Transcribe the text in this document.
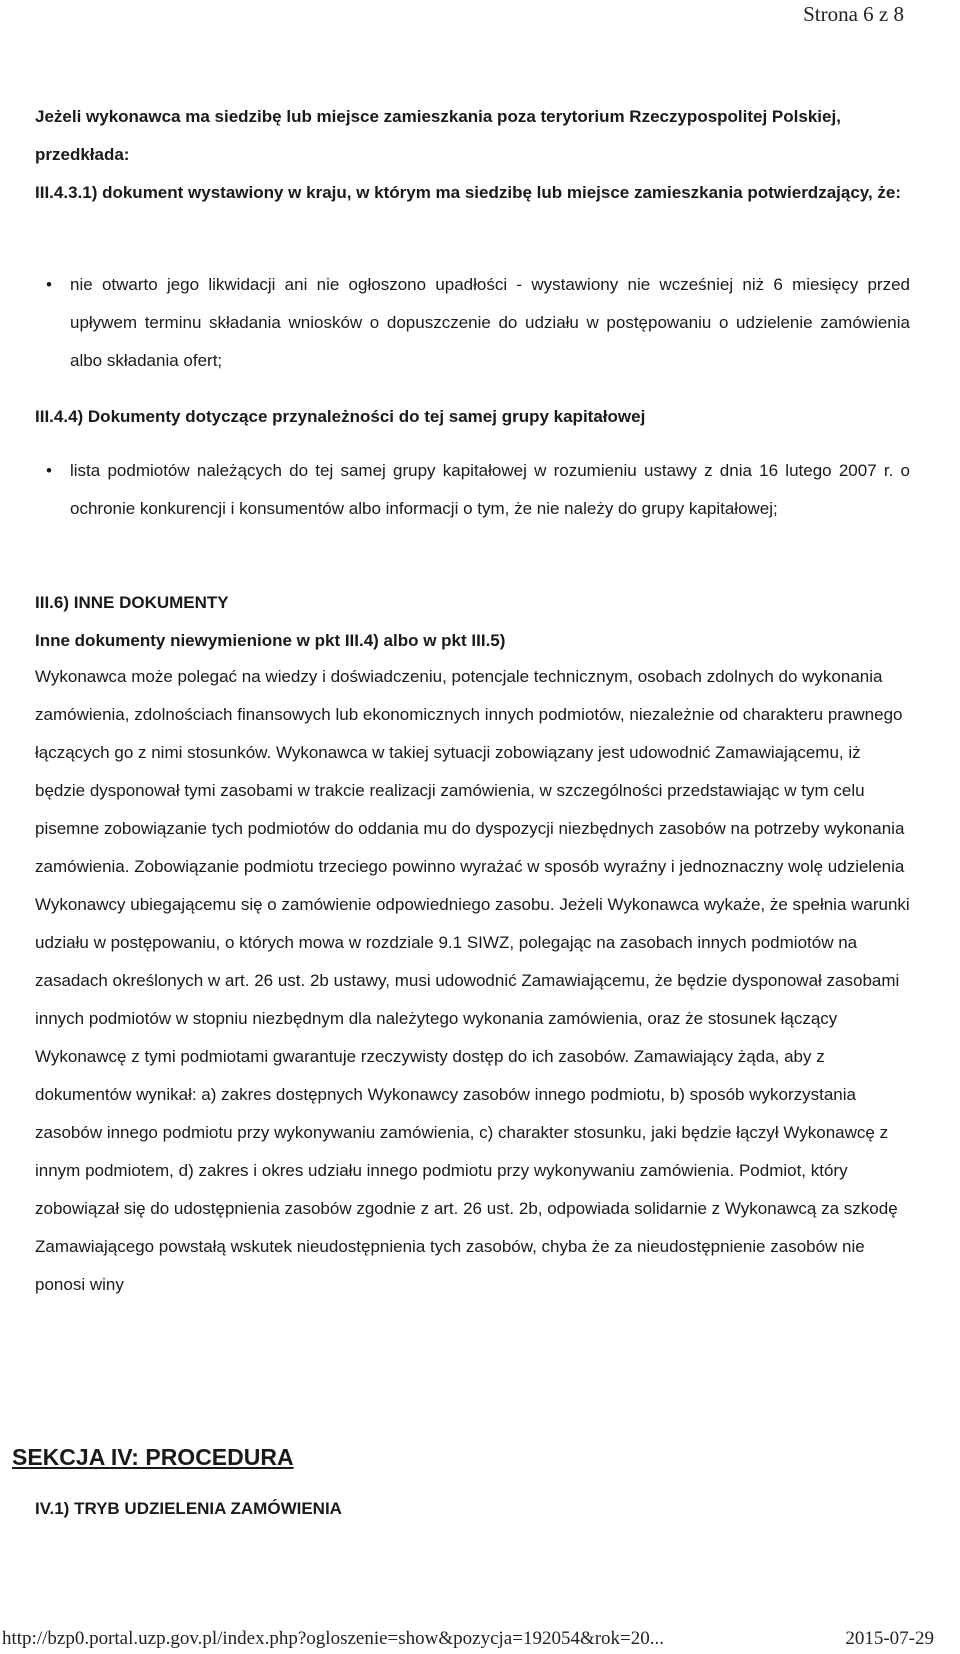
Strona 6 z 8

Jeżeli wykonawca ma siedzibę lub miejsce zamieszkania poza terytorium Rzeczypospolitej Polskiej, przedkłada:

III.4.3.1) dokument wystawiony w kraju, w którym ma siedzibę lub miejsce zamieszkania potwierdzający, że:

•	nie otwarto jego likwidacji ani nie ogłoszono upadłości - wystawiony nie wcześniej niż 6 miesięcy przed upływem terminu składania wniosków o dopuszczenie do udziału w postępowaniu o udzielenie zamówienia albo składania ofert;

III.4.4) Dokumenty dotyczące przynależności do tej samej grupy kapitałowej

•	lista podmiotów należących do tej samej grupy kapitałowej w rozumieniu ustawy z dnia 16 lutego 2007 r. o ochronie konkurencji i konsumentów albo informacji o tym, że nie należy do grupy kapitałowej;

III.6) INNE DOKUMENTY

Inne dokumenty niewymienione w pkt III.4) albo w pkt III.5)

Wykonawca może polegać na wiedzy i doświadczeniu, potencjale technicznym, osobach zdolnych do wykonania zamówienia, zdolnościach finansowych lub ekonomicznych innych podmiotów, niezależnie od charakteru prawnego łączących go z nimi stosunków. Wykonawca w takiej sytuacji zobowiązany jest udowodnić Zamawiającemu, iż będzie dysponował tymi zasobami w trakcie realizacji zamówienia, w szczególności przedstawiając w tym celu pisemne zobowiązanie tych podmiotów do oddania mu do dyspozycji niezbędnych zasobów na potrzeby wykonania zamówienia. Zobowiązanie podmiotu trzeciego powinno wyrażać w sposób wyraźny i jednoznaczny wolę udzielenia Wykonawcy ubiegającemu się o zamówienie odpowiedniego zasobu. Jeżeli Wykonawca wykaże, że spełnia warunki udziału w postępowaniu, o których mowa w rozdziale 9.1 SIWZ, polegając na zasobach innych podmiotów na zasadach określonych w art. 26 ust. 2b ustawy, musi udowodnić Zamawiającemu, że będzie dysponował zasobami innych podmiotów w stopniu niezbędnym dla należytego wykonania zamówienia, oraz że stosunek łączący Wykonawcę z tymi podmiotami gwarantuje rzeczywisty dostęp do ich zasobów. Zamawiający żąda, aby z dokumentów wynikał: a) zakres dostępnych Wykonawcy zasobów innego podmiotu, b) sposób wykorzystania zasobów innego podmiotu przy wykonywaniu zamówienia, c) charakter stosunku, jaki będzie łączył Wykonawcę z innym podmiotem, d) zakres i okres udziału innego podmiotu przy wykonywaniu zamówienia. Podmiot, który zobowiązał się do udostępnienia zasobów zgodnie z art. 26 ust. 2b, odpowiada solidarnie z Wykonawcą za szkodę Zamawiającego powstałą wskutek nieudostępnienia tych zasobów, chyba że za nieudostępnienie zasobów nie ponosi winy

SEKCJA IV: PROCEDURA

IV.1) TRYB UDZIELENIA ZAMÓWIENIA

http://bzp0.portal.uzp.gov.pl/index.php?ogloszenie=show&pozycja=192054&rok=20...	2015-07-29
